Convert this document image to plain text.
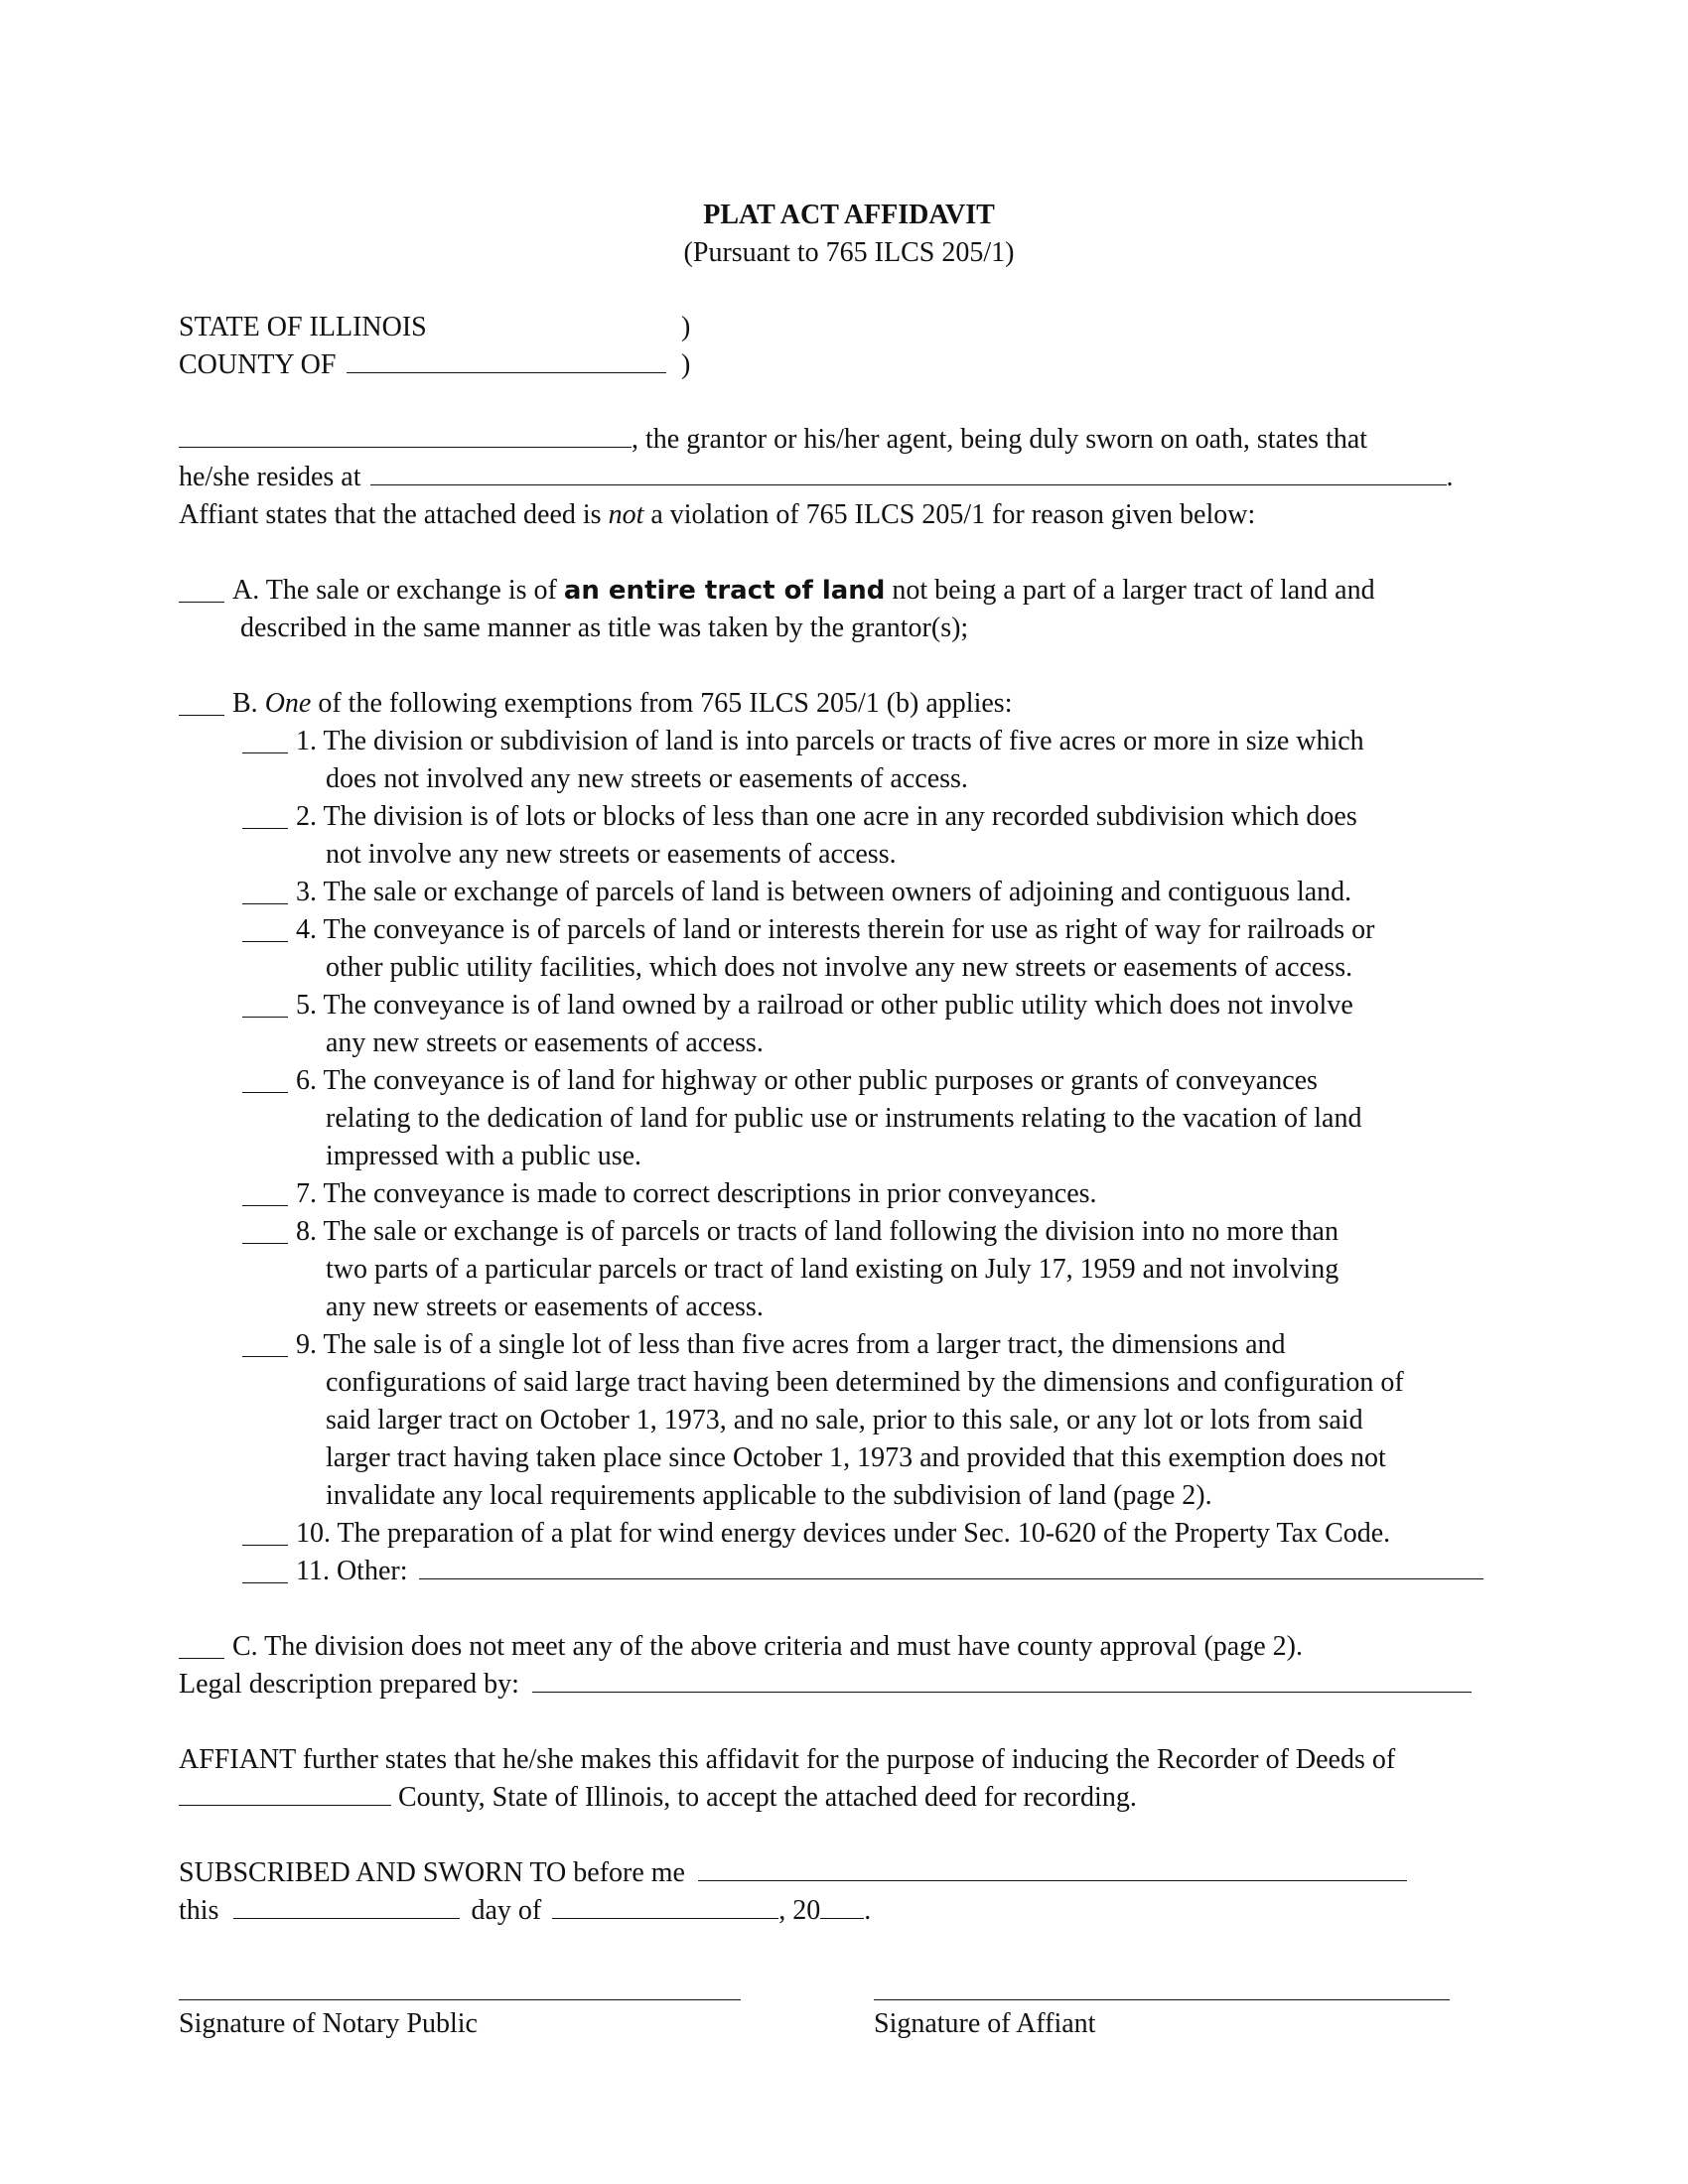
PLAT ACT AFFIDAVIT
(Pursuant to 765 ILCS 205/1)
STATE OF ILLINOIS	)
COUNTY OF	)
, the grantor or his/her agent, being duly sworn on oath, states that
he/she resides at	.
Affiant states that the attached deed is not a violation of 765 ILCS 205/1 for reason given below:
A. The sale or exchange is of an entire tract of land not being a part of a larger tract of land and
described in the same manner as title was taken by the grantor(s);
B. One of the following exemptions from 765 ILCS 205/1 (b) applies:
1. The division or subdivision of land is into parcels or tracts of five acres or more in size which
does not involved any new streets or easements of access.
2. The division is of lots or blocks of less than one acre in any recorded subdivision which does
not involve any new streets or easements of access.
3. The sale or exchange of parcels of land is between owners of adjoining and contiguous land.
4. The conveyance is of parcels of land or interests therein for use as right of way for railroads or
other public utility facilities, which does not involve any new streets or easements of access.
5. The conveyance is of land owned by a railroad or other public utility which does not involve
any new streets or easements of access.
6. The conveyance is of land for highway or other public purposes or grants of conveyances
relating to the dedication of land for public use or instruments relating to the vacation of land
impressed with a public use.
7. The conveyance is made to correct descriptions in prior conveyances.
8. The sale or exchange is of parcels or tracts of land following the division into no more than
two parts of a particular parcels or tract of land existing on July 17, 1959 and not involving
any new streets or easements of access.
9. The sale is of a single lot of less than five acres from a larger tract, the dimensions and
configurations of said large tract having been determined by the dimensions and configuration of
said larger tract on October 1, 1973, and no sale, prior to this sale, or any lot or lots from said
larger tract having taken place since October 1, 1973 and provided that this exemption does not
invalidate any local requirements applicable to the subdivision of land (page 2).
10. The preparation of a plat for wind energy devices under Sec. 10-620 of the Property Tax Code.
11. Other:
C. The division does not meet any of the above criteria and must have county approval (page 2).
Legal description prepared by:
AFFIANT further states that he/she makes this affidavit for the purpose of inducing the Recorder of Deeds of
County, State of Illinois, to accept the attached deed for recording.
SUBSCRIBED AND SWORN TO before me
this	day of	, 20 .
Signature of Notary Public	Signature of Affiant
